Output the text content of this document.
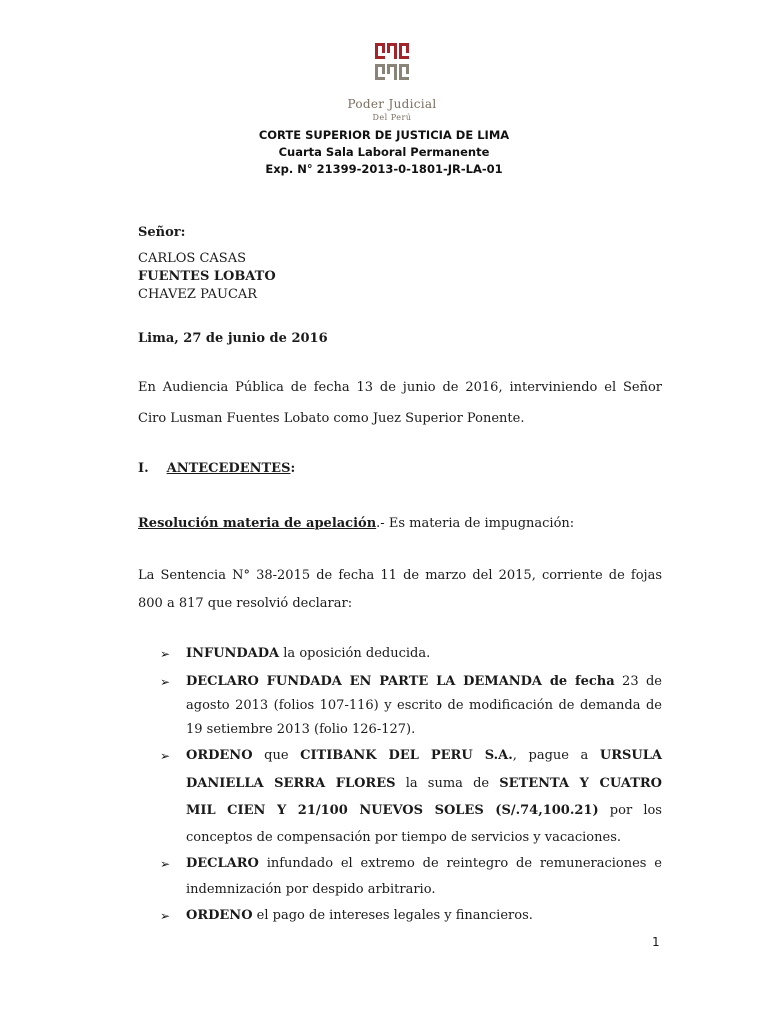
Poder Judicial
Del Perú
CORTE SUPERIOR DE JUSTICIA DE LIMA
Cuarta Sala Laboral Permanente
Exp. N° 21399-2013-0-1801-JR-LA-01
Señor:
CARLOS CASAS
FUENTES LOBATO
CHAVEZ PAUCAR
Lima, 27 de junio de 2016
En Audiencia Pública de fecha 13 de junio de 2016, interviniendo el Señor
Ciro Lusman Fuentes Lobato como Juez Superior Ponente.
I. ANTECEDENTES:
Resolución materia de apelación.- Es materia de impugnación:
La Sentencia N° 38-2015 de fecha 11 de marzo del 2015, corriente de fojas
800 a 817 que resolvió declarar:
➢ INFUNDADA la oposición deducida.
➢ DECLARO FUNDADA EN PARTE LA DEMANDA de fecha 23 de
agosto 2013 (folios 107-116) y escrito de modificación de demanda de
19 setiembre 2013 (folio 126-127).
➢ ORDENO que CITIBANK DEL PERU S.A., pague a URSULA
DANIELLA SERRA FLORES la suma de SETENTA Y CUATRO
MIL CIEN Y 21/100 NUEVOS SOLES (S/.74,100.21) por los
conceptos de compensación por tiempo de servicios y vacaciones.
➢ DECLARO infundado el extremo de reintegro de remuneraciones e
indemnización por despido arbitrario.
➢ ORDENO el pago de intereses legales y financieros.
1
